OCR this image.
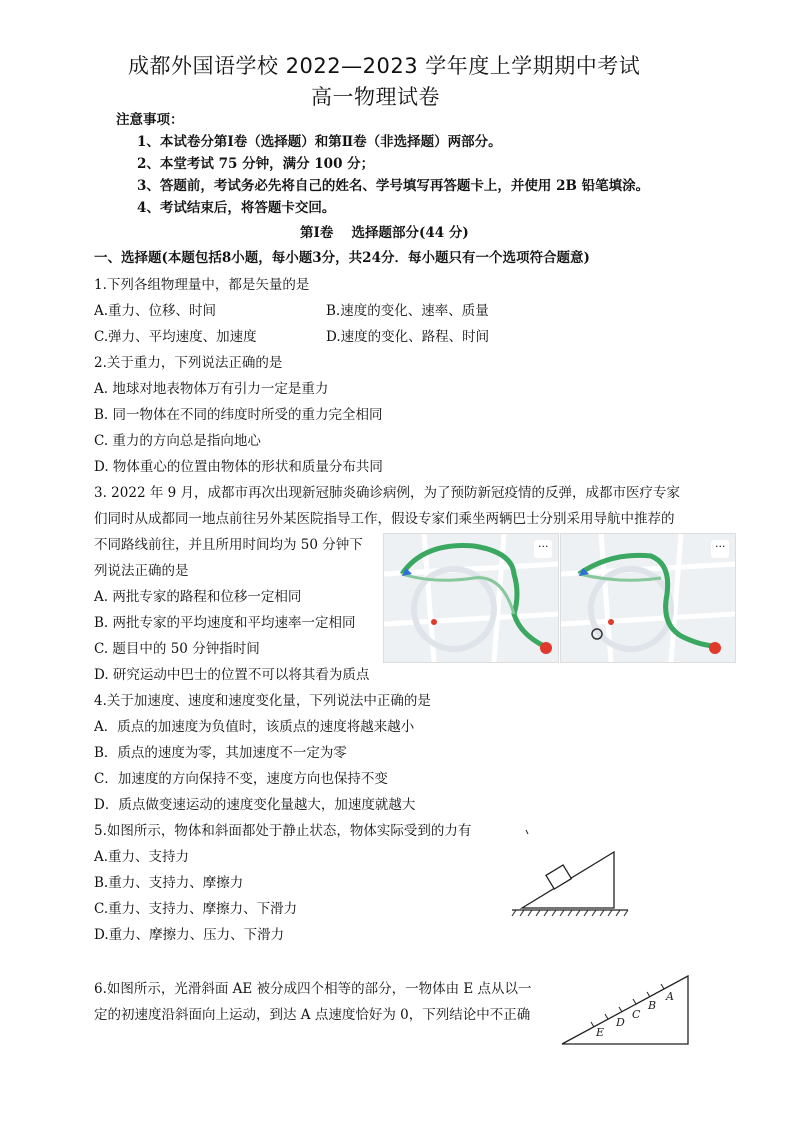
成都外国语学校 2022—2023 学年度上学期期中考试
高一物理试卷
注意事项：
1、本试卷分第Ⅰ卷（选择题）和第Ⅱ卷（非选择题）两部分。
2、本堂考试 75 分钟，满分 100 分；
3、答题前，考试务必先将自己的姓名、学号填写再答题卡上，并使用 2B 铅笔填涂。
4、考试结束后，将答题卡交回。
第Ⅰ卷　 选择题部分(44 分)
一、选择题(本题包括8小题，每小题3分，共24分．每小题只有一个选项符合题意)
1.下列各组物理量中，都是矢量的是
A.重力、位移、时间	B.速度的变化、速率、质量
C.弹力、平均速度、加速度	D.速度的变化、路程、时间
2.关于重力，下列说法正确的是
A. 地球对地表物体万有引力一定是重力
B. 同一物体在不同的纬度时所受的重力完全相同
C. 重力的方向总是指向地心
D. 物体重心的位置由物体的形状和质量分布共同
3. 2022 年 9 月，成都市再次出现新冠肺炎确诊病例，为了预防新冠疫情的反弹，成都市医疗专家
们同时从成都同一地点前往另外某医院指导工作，假设专家们乘坐两辆巴士分别采用导航中推荐的
不同路线前往，并且所用时间均为 50 分钟下
列说法正确的是
A. 两批专家的路程和位移一定相同
B. 两批专家的平均速度和平均速率一定相同
C. 题目中的 50 分钟指时间
D. 研究运动中巴士的位置不可以将其看为质点
···	···
4.关于加速度、速度和速度变化量，下列说法中正确的是
A．质点的加速度为负值时，该质点的速度将越来越小
B．质点的速度为零，其加速度不一定为零
C．加速度的方向保持不变，速度方向也保持不变
D．质点做变速运动的速度变化量越大，加速度就越大
5.如图所示，物体和斜面都处于静止状态，物体实际受到的力有
A.重力、支持力
B.重力、支持力、摩擦力
C.重力、支持力、摩擦力、下滑力
D.重力、摩擦力、压力、下滑力
6.如图所示，光滑斜面 AE 被分成四个相等的部分，一物体由 E 点从以一
定的初速度沿斜面向上运动，到达 A 点速度恰好为 0，下列结论中不正确
E
D
C
B
A
